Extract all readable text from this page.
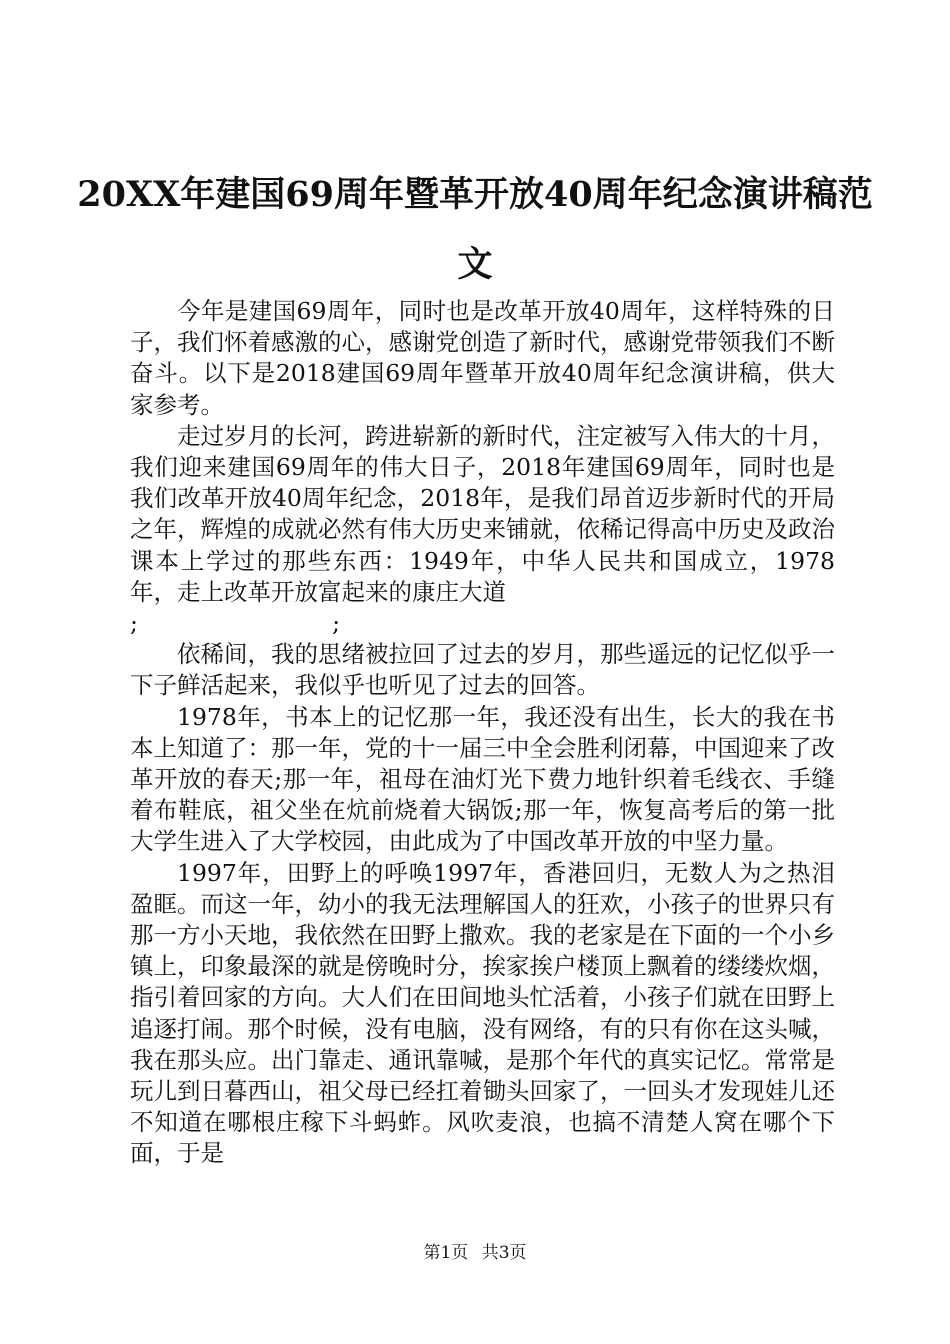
20XX年建国69周年暨革开放40周年纪念演讲稿范文

今年是建国69周年，同时也是改革开放40周年，这样特殊的日子，我们怀着感激的心，感谢党创造了新时代，感谢党带领我们不断奋斗。以下是2018建国69周年暨革开放40周年纪念演讲稿，供大家参考。

走过岁月的长河，跨进崭新的新时代，注定被写入伟大的十月，我们迎来建国69周年的伟大日子，2018年建国69周年，同时也是我们改革开放40周年纪念，2018年，是我们昂首迈步新时代的开局之年，辉煌的成就必然有伟大历史来铺就，依稀记得高中历史及政治课本上学过的那些东西：1949年，中华人民共和国成立，1978年，走上改革开放富起来的康庄大道

;                          ;

依稀间，我的思绪被拉回了过去的岁月，那些遥远的记忆似乎一下子鲜活起来，我似乎也听见了过去的回答。

1978年，书本上的记忆那一年，我还没有出生，长大的我在书本上知道了：那一年，党的十一届三中全会胜利闭幕，中国迎来了改革开放的春天;那一年，祖母在油灯光下费力地针织着毛线衣、手缝着布鞋底，祖父坐在炕前烧着大锅饭;那一年，恢复高考后的第一批大学生进入了大学校园，由此成为了中国改革开放的中坚力量。

1997年，田野上的呼唤1997年，香港回归，无数人为之热泪盈眶。而这一年，幼小的我无法理解国人的狂欢，小孩子的世界只有那一方小天地，我依然在田野上撒欢。我的老家是在下面的一个小乡镇上，印象最深的就是傍晚时分，挨家挨户楼顶上飘着的缕缕炊烟，指引着回家的方向。大人们在田间地头忙活着，小孩子们就在田野上追逐打闹。那个时候，没有电脑，没有网络，有的只有你在这头喊，我在那头应。出门靠走、通讯靠喊，是那个年代的真实记忆。常常是玩儿到日暮西山，祖父母已经扛着锄头回家了，一回头才发现娃儿还不知道在哪根庄稼下斗蚂蚱。风吹麦浪，也搞不清楚人窝在哪个下面，于是

第1页 共3页
